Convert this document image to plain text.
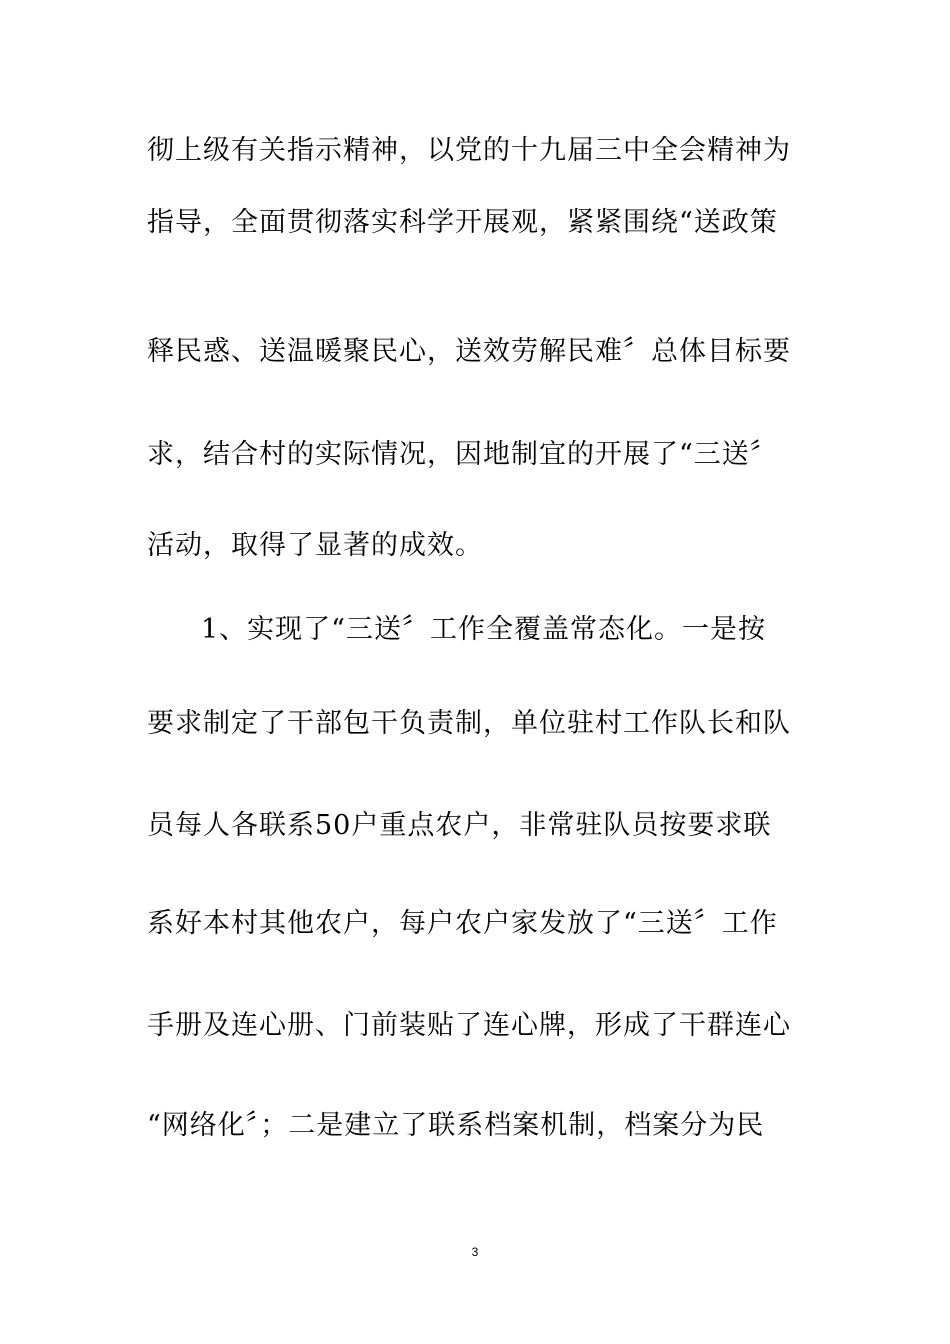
彻上级有关指示精神，以党的十九届三中全会精神为
指导，全面贯彻落实科学开展观，紧紧围绕“送政策
释民惑、送温暖聚民心，送效劳解民难〞总体目标要
求，结合村的实际情况，因地制宜的开展了“三送〞
活动，取得了显著的成效。
1、实现了“三送〞工作全覆盖常态化。一是按
要求制定了干部包干负责制，单位驻村工作队长和队
员每人各联系50户重点农户，非常驻队员按要求联
系好本村其他农户，每户农户家发放了“三送〞工作
手册及连心册、门前装贴了连心牌，形成了干群连心
“网络化〞；二是建立了联系档案机制，档案分为民
3
